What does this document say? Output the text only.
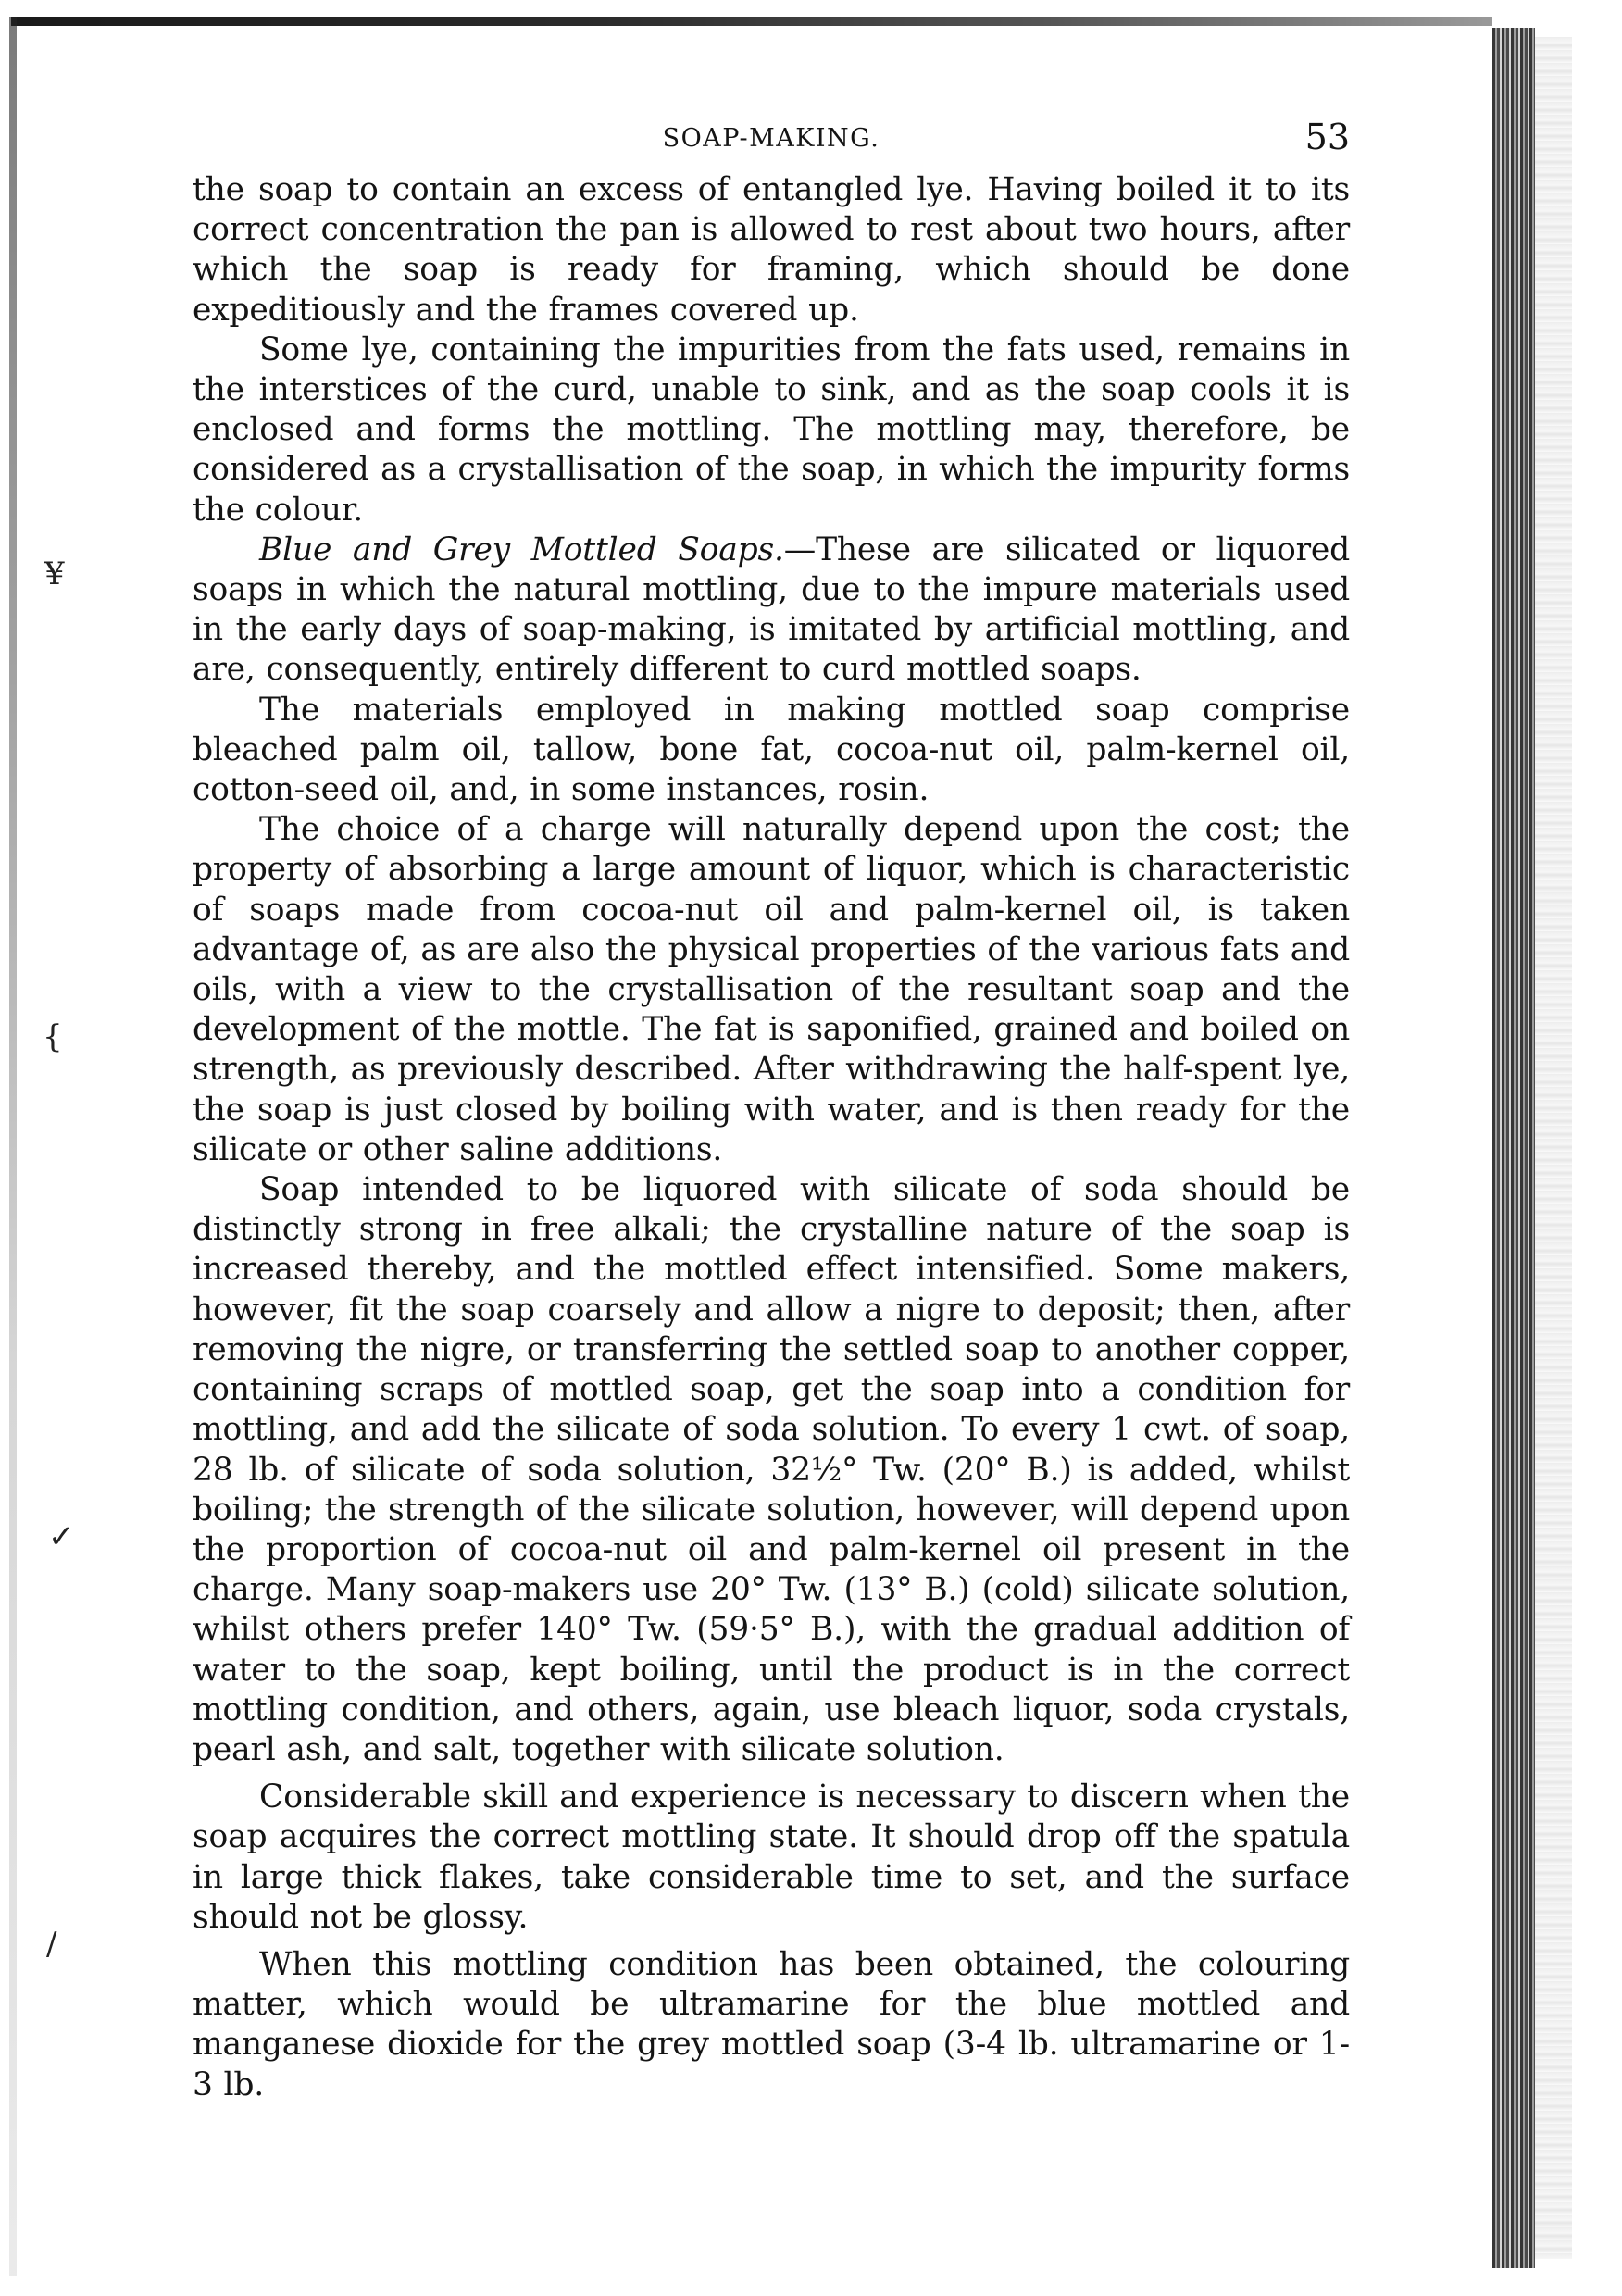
¥
{
✓
/
SOAP-MAKING.	53

the soap to contain an excess of entangled lye. Having boiled it to its correct concentration the pan is allowed to rest about two hours, after which the soap is ready for framing, which should be done expeditiously and the frames covered up.

Some lye, containing the impurities from the fats used, remains in the interstices of the curd, unable to sink, and as the soap cools it is enclosed and forms the mottling. The mottling may, therefore, be considered as a crystallisation of the soap, in which the impurity forms the colour.

Blue and Grey Mottled Soaps.—These are silicated or liquored soaps in which the natural mottling, due to the impure materials used in the early days of soap-making, is imitated by artificial mottling, and are, consequently, entirely different to curd mottled soaps.

The materials employed in making mottled soap comprise bleached palm oil, tallow, bone fat, cocoa-nut oil, palm-kernel oil, cotton-seed oil, and, in some instances, rosin.

The choice of a charge will naturally depend upon the cost; the property of absorbing a large amount of liquor, which is characteristic of soaps made from cocoa-nut oil and palm-kernel oil, is taken advantage of, as are also the physical properties of the various fats and oils, with a view to the crystallisation of the resultant soap and the development of the mottle. The fat is saponified, grained and boiled on strength, as previously described. After withdrawing the half-spent lye, the soap is just closed by boiling with water, and is then ready for the silicate or other saline additions.

Soap intended to be liquored with silicate of soda should be distinctly strong in free alkali; the crystalline nature of the soap is increased thereby, and the mottled effect intensified. Some makers, however, fit the soap coarsely and allow a nigre to deposit; then, after removing the nigre, or transferring the settled soap to another copper, containing scraps of mottled soap, get the soap into a condition for mottling, and add the silicate of soda solution. To every 1 cwt. of soap, 28 lb. of silicate of soda solution, 32½° Tw. (20° B.) is added, whilst boiling; the strength of the silicate solution, however, will depend upon the proportion of cocoa-nut oil and palm-kernel oil present in the charge. Many soap-makers use 20° Tw. (13° B.) (cold) silicate solution, whilst others prefer 140° Tw. (59·5° B.), with the gradual addition of water to the soap, kept boiling, until the product is in the correct mottling condition, and others, again, use bleach liquor, soda crystals, pearl ash, and salt, together with silicate solution.

Considerable skill and experience is necessary to discern when the soap acquires the correct mottling state. It should drop off the spatula in large thick flakes, take considerable time to set, and the surface should not be glossy.

When this mottling condition has been obtained, the colouring matter, which would be ultramarine for the blue mottled and manganese dioxide for the grey mottled soap (3-4 lb. ultramarine or 1-3 lb.
